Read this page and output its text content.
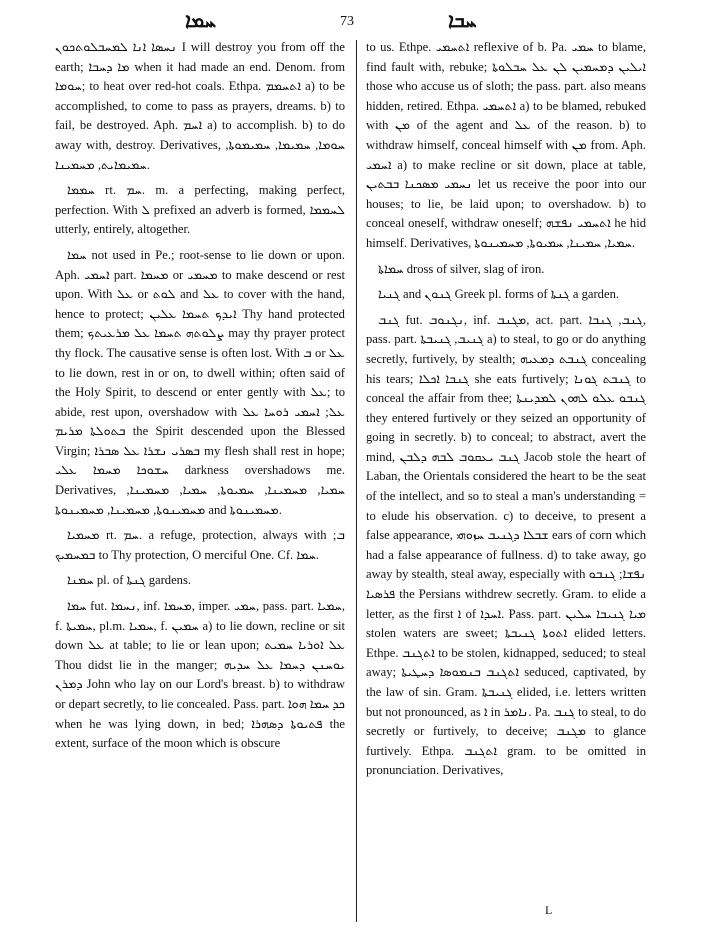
ܚܡܐ	73	ܚܒܐ

ܢܚܣܐ ܐܢܐ ܠܡܚܒܠܘܬܟܘܢ I will destroy you from off the earth; ܡܐ ܕܚܒܐ when it had made an end. Denom. from ܚܘܡܐ; to heat over red-hot coals. Ethpa. ܐܬܚܡܡ a) to be accomplished, to come to pass as prayers, dreams. b) to fail, be destroyed. Aph. ܐܚܡ a) to accomplish. b) to do away with, destroy. Derivatives, ܚܘܡܐ, ܚܡܝܡܐ, ܚܡܝܡܘܬܐ, ܚܡܝܡܐܝܬ, ܡܚܡܝܢܐ.

ܚܡܡܐ rt. ܚܡ. m. a perfecting, making perfect, perfection. With ܠ prefixed an adverb is formed, ܠܚܡܡܐ utterly, entirely, altogether.

ܚܡܐ not used in Pe.; root-sense to lie down or upon. Aph. ܐܚܡܝ part. ܡܚܡܐ or ܡܚܡܝ to make descend or rest upon. With ܥܠ or ܠܘܬ and ܥܠ to cover with the hand, hence to protect; ܐܝܕܟ ܬܚܡܐ ܥܠܝܢ Thy hand protected them; ܨܠܘܬܗ ܬܚܡܐ ܥܠ ܡܪܥܝܬܟ may thy prayer protect thy flock. The causative sense is often lost. With ܒ or ܥܠ to lie down, rest in or on, to dwell within; often said of the Holy Spirit, to descend or enter gently with ܥܠ; to abide, rest upon, overshadow with ܥܠ; ܐܚܡܝ ܪܘܚܐ ܥܠ ܒܬܘܠܬܐ ܡܪܝܡ the Spirit descended upon the Blessed Virgin; ܒܣܪܝ ܢܫܪܐ ܥܠ ܣܒܪܐ my flesh shall rest in hope; ܚܫܘܟܐ ܡܚܡܐ ܥܠܝ darkness overshadows me. Derivatives, ܚܡܝܐ, ܡܚܡܝܢܐ, ܚܡܝܘܬܐ, ܚܡܝܐ, ܡܚܡܝܢܐ, ܡܚܡܝܢܘܬܐ, ܡܚܡܝܢܐ, ܡܚܡܝܢܘܬܐ and ܡܚܡܝܢܘܬܐ.

ܡܚܡܝܐ rt. ܚܡ. a refuge, protection, always with ܒ; ܒܡܚܡܝܟ to Thy protection, O merciful One. Cf. ܚܡܐ.

ܚܡܢܐ pl. of ܓܢܬܐ gardens.

ܚܡܐ fut. ܢܚܡܐ, inf. ܡܚܡܐ, imper. ܚܡܝ, pass. part. ܚܡܝܐ, f. ܚܡܝܬܐ, pl.m. ܚܡܝܐ, f. ܚܡܝܢ a) to lie down, recline or sit down ܥܠ at table; to lie or lean upon; ܥܠ ܐܘܪܝܐ ܚܡܝܬ Thou didst lie in the manger; ܝܘܚܢܢ ܕܚܡܐ ܥܠ ܚܕܝܗ ܕܡܪܢ John who lay on our Lord's breast. b) to withdraw or depart secretly, to lie concealed. Pass. part. ܟܕ ܚܡܐ ܗܘܐ when he was lying down, in bed; ܦܬܝܘܬܐ ܕܣܗܪܐ the extent, surface of the moon which is obscure

to us. Ethpe. ܐܬܚܡܝ reflexive of b. Pa. ܚܡܝ to blame, find fault with, rebuke; ܐܝܠܝܢ ܕܡܚܡܝܢ ܠܢ ܥܠ ܚܒܠܘܬܐ those who accuse us of sloth; the pass. part. also means hidden, retired. Ethpa. ܐܬܚܡܝ a) to be blamed, rebuked with ܡܢ of the agent and ܥܠ of the reason. b) to withdraw himself, conceal himself with ܡܢ from. Aph. ܐܚܡܝ a) to make recline or sit down, place at table, ܢܚܡܝ ܡܣܟܢܐ ܒܒܬܝܢ let us receive the poor into our houses; to lie, be laid upon; to overshadow. b) to conceal oneself, withdraw oneself; ܐܬܚܡܝ ܢܦܫܗ he hid himself. Derivatives, ܚܡܝܐ, ܚܡܝܢܐ, ܚܡܝܘܬܐ, ܡܚܡܝܢܘܬܐ.

ܚܡܐܬܐ dross of silver, slag of iron.

ܓܢܝܐ and ܓܢܘܢ Greek pl. forms of ܓܢܬܐ a garden.

ܓܢܒ fut. ܢܓܢܘܒ, inf. ܡܓܢܒ, act. part. ܓܢܒ, ܓܢܒܐ, pass. part. ܓܢܝܒ, ܓܢܝܒܬܐ a) to steal, to go or do anything secretly, furtively, by stealth; ܓܢܒܬ ܕܡܥܝܗ concealing his tears; ܓܢܒܐ ܐܟܠܐ she eats furtively; ܓܢܒܬ ܓܘܢܐ to conceal the affair from thee; ܓܢܒܘ ܥܠܘ ܠܗܘܢ ܠܡܕܝܢܬܐ they entered furtively or they seized an opportunity of going in secretly. b) to conceal; to abstract, avert the mind, ܓܢܒ ܝܥܩܘܒ ܠܒܗ ܕܠܒܢ Jacob stole the heart of Laban, the Orientals considered the heart to be the seat of the intellect, and so to steal a man's understanding = to elude his observation. c) to deceive, to present a false appearance, ܫܒܠܐ ܕܓܢܝܒ ܚܙܘܗܝ ears of corn which had a false appearance of fullness. d) to take away, go away by stealth, steal away, especially with ܢܦܫܐ; ܓܢܒܘ ܦܪܣܝܐ the Persians withdrew secretly. Gram. to elide a letter, as the first ܐ of ܐܚܕܐ. Pass. part. ܡܝܐ ܓܢܝܒܐ ܚܠܝܢ stolen waters are sweet; ܐܬܘܬܐ ܓܢܝܒܬܐ elided letters. Ethpe. ܐܬܓܢܒ to be stolen, kidnapped, seduced; to steal away; ܐܬܓܢܒ ܒܢܡܘܣܐ ܕܚܛܝܬܐ seduced, captivated, by the law of sin. Gram. ܓܢܝܒܬܐ elided, i.e. letters written but not pronounced, as ܐ in ܢܐܡܪ. Pa. ܓܢܒ to steal, to do secretly or furtively, to deceive; ܡܓܢܒ to glance furtively. Ethpa. ܐܬܓܢܒ gram. to be omitted in pronunciation. Derivatives,

L
